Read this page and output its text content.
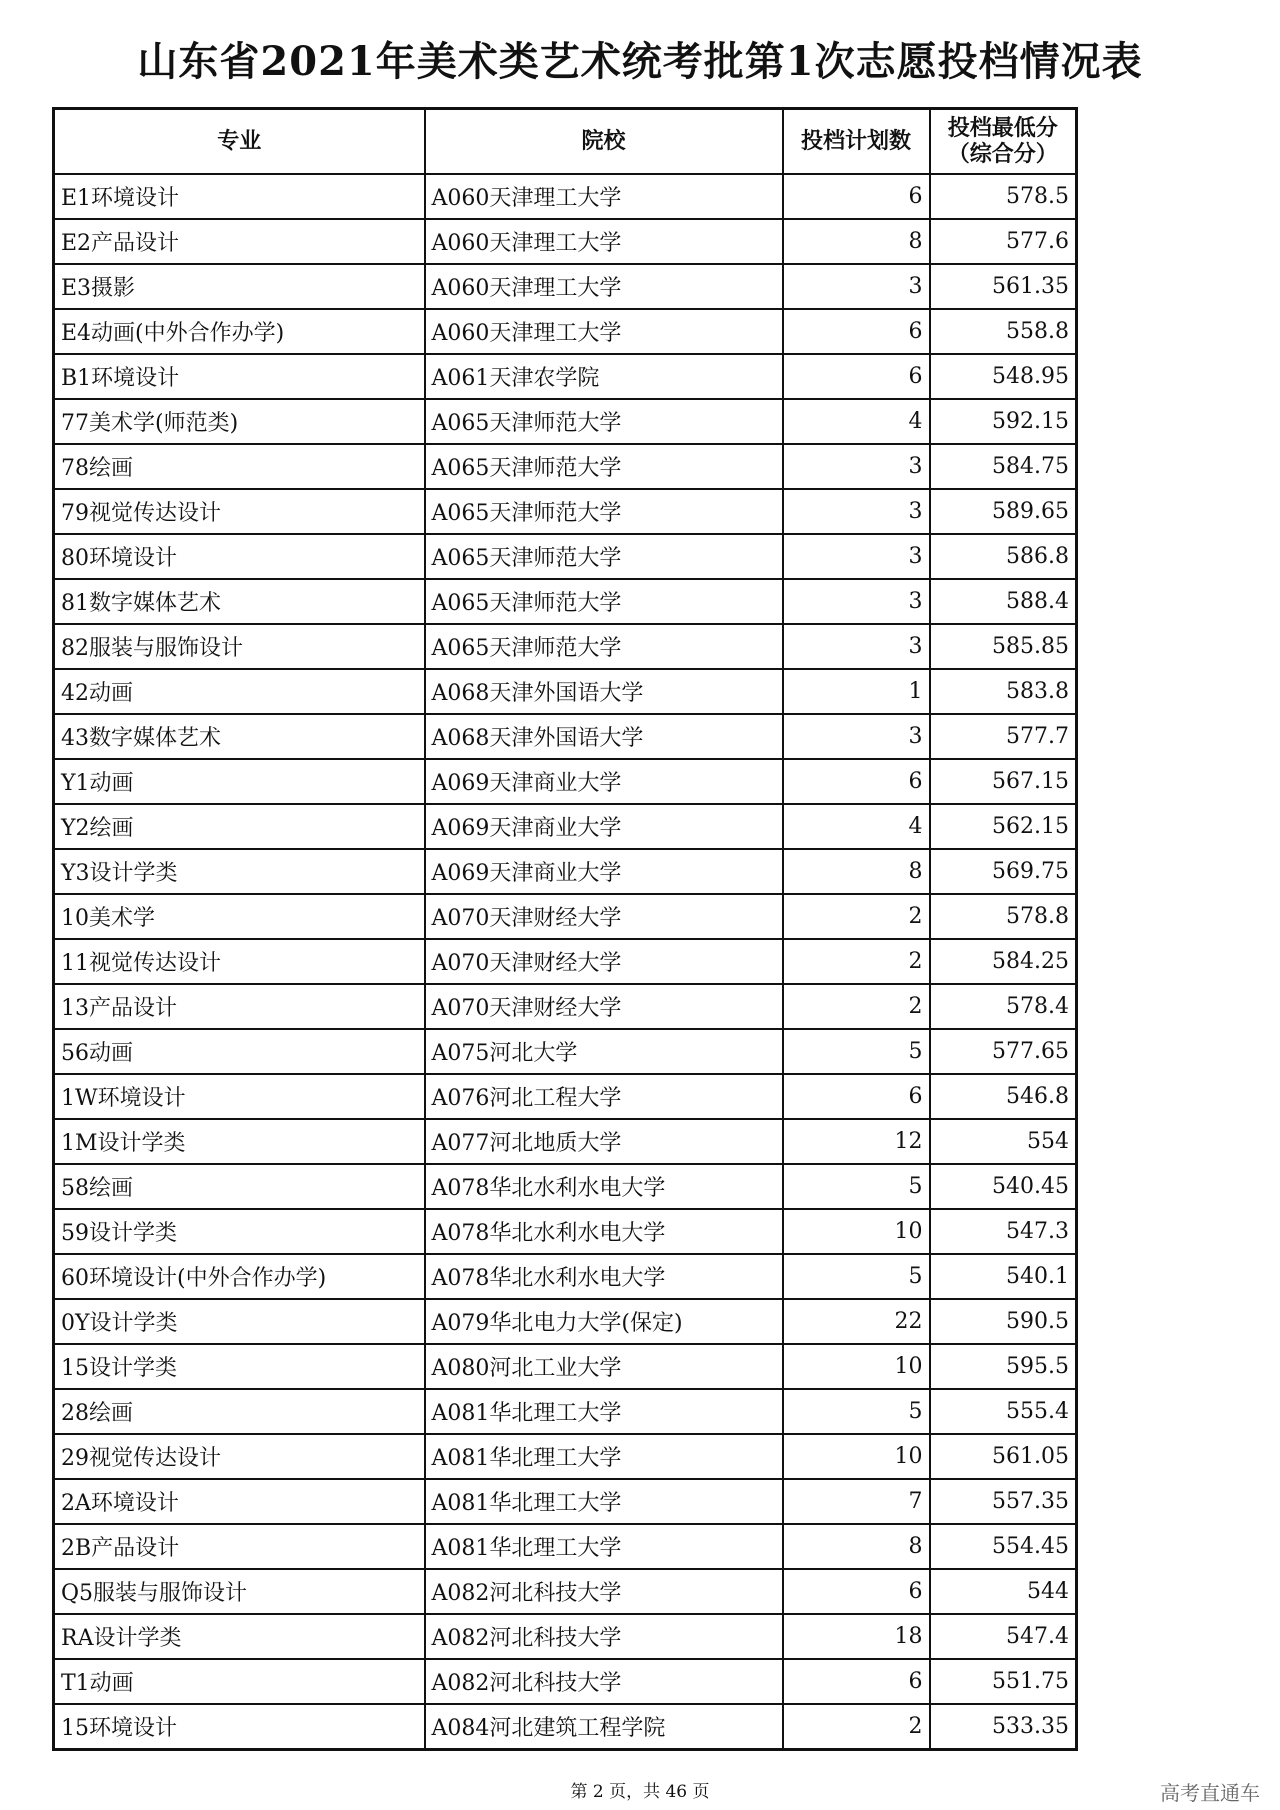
山东省2021年美术类艺术统考批第1次志愿投档情况表
专业	院校	投档计划数	投档最低分
（综合分）

E1环境设计	A060天津理工大学	6	578.5
E2产品设计	A060天津理工大学	8	577.6
E3摄影	A060天津理工大学	3	561.35
E4动画(中外合作办学)	A060天津理工大学	6	558.8
B1环境设计	A061天津农学院	6	548.95
77美术学(师范类)	A065天津师范大学	4	592.15
78绘画	A065天津师范大学	3	584.75
79视觉传达设计	A065天津师范大学	3	589.65
80环境设计	A065天津师范大学	3	586.8
81数字媒体艺术	A065天津师范大学	3	588.4
82服装与服饰设计	A065天津师范大学	3	585.85
42动画	A068天津外国语大学	1	583.8
43数字媒体艺术	A068天津外国语大学	3	577.7
Y1动画	A069天津商业大学	6	567.15
Y2绘画	A069天津商业大学	4	562.15
Y3设计学类	A069天津商业大学	8	569.75
10美术学	A070天津财经大学	2	578.8
11视觉传达设计	A070天津财经大学	2	584.25
13产品设计	A070天津财经大学	2	578.4
56动画	A075河北大学	5	577.65
1W环境设计	A076河北工程大学	6	546.8
1M设计学类	A077河北地质大学	12	554
58绘画	A078华北水利水电大学	5	540.45
59设计学类	A078华北水利水电大学	10	547.3
60环境设计(中外合作办学)	A078华北水利水电大学	5	540.1
0Y设计学类	A079华北电力大学(保定)	22	590.5
15设计学类	A080河北工业大学	10	595.5
28绘画	A081华北理工大学	5	555.4
29视觉传达设计	A081华北理工大学	10	561.05
2A环境设计	A081华北理工大学	7	557.35
2B产品设计	A081华北理工大学	8	554.45
Q5服装与服饰设计	A082河北科技大学	6	544
RA设计学类	A082河北科技大学	18	547.4
T1动画	A082河北科技大学	6	551.75
15环境设计	A084河北建筑工程学院	2	533.35
第 2 页，共 46 页	高考直通车
